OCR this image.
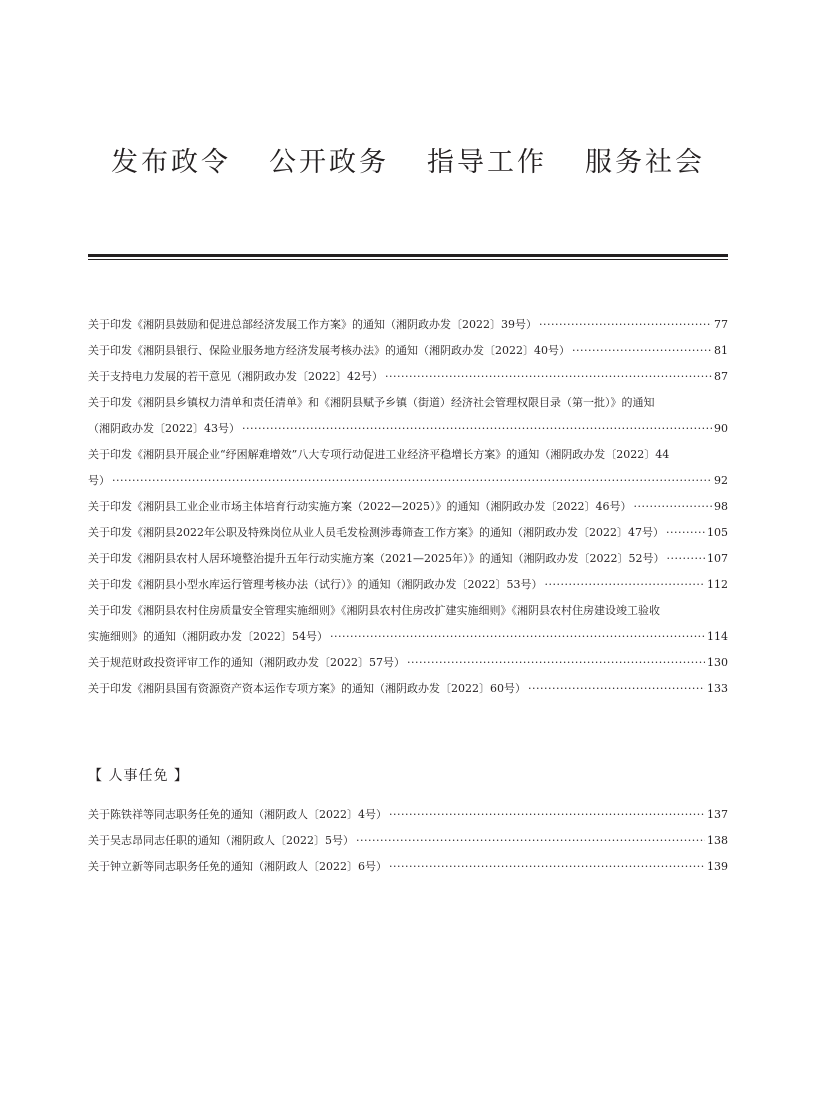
发布政令 公开政务 指导工作 服务社会
关于印发《湘阴县鼓励和促进总部经济发展工作方案》的通知（湘阴政办发〔2022〕39号） ·····	77
关于印发《湘阴县银行、保险业服务地方经济发展考核办法》的通知（湘阴政办发〔2022〕40号） ·····	81
关于支持电力发展的若干意见（湘阴政办发〔2022〕42号） ·····	87
关于印发《湘阴县乡镇权力清单和责任清单》和《湘阴县赋予乡镇（街道）经济社会管理权限目录（第一批）》的通知
（湘阴政办发〔2022〕43号） ·····	90
关于印发《湘阴县开展企业“纾困解难增效”八大专项行动促进工业经济平稳增长方案》的通知（湘阴政办发〔2022〕44
号） ·····	92
关于印发《湘阴县工业企业市场主体培育行动实施方案（2022—2025）》的通知（湘阴政办发〔2022〕46号） ·····	98
关于印发《湘阴县2022年公职及特殊岗位从业人员毛发检测涉毒筛查工作方案》的通知（湘阴政办发〔2022〕47号） ·····	105
关于印发《湘阴县农村人居环境整治提升五年行动实施方案（2021—2025年）》的通知（湘阴政办发〔2022〕52号） ·····	107
关于印发《湘阴县小型水库运行管理考核办法（试行）》的通知（湘阴政办发〔2022〕53号） ·····	112
关于印发《湘阴县农村住房质量安全管理实施细则》《湘阴县农村住房改扩建实施细则》《湘阴县农村住房建设竣工验收
实施细则》的通知（湘阴政办发〔2022〕54号） ·····	114
关于规范财政投资评审工作的通知（湘阴政办发〔2022〕57号） ·····	130
关于印发《湘阴县国有资源资产资本运作专项方案》的通知（湘阴政办发〔2022〕60号） ·····	133
【 人事任免 】
关于陈铁祥等同志职务任免的通知（湘阴政人〔2022〕4号） ·····	137
关于吴志昂同志任职的通知（湘阴政人〔2022〕5号） ·····	138
关于钟立新等同志职务任免的通知（湘阴政人〔2022〕6号） ·····	139
